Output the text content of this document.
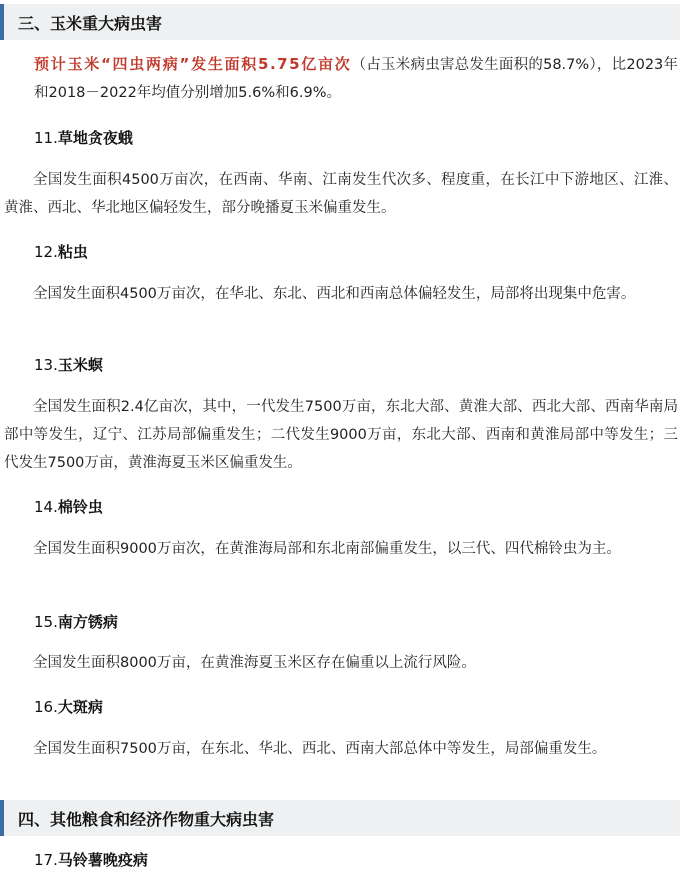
三、玉米重大病虫害
预计玉米“四虫两病”发生面积5.75亿亩次（占玉米病虫害总发生面积的58.7%），比2023年和2018－2022年均值分别增加5.6%和6.9%。
11.草地贪夜蛾
全国发生面积4500万亩次，在西南、华南、江南发生代次多、程度重，在长江中下游地区、江淮、黄淮、西北、华北地区偏轻发生，部分晚播夏玉米偏重发生。
12.粘虫
全国发生面积4500万亩次，在华北、东北、西北和西南总体偏轻发生，局部将出现集中危害。
13.玉米螟
全国发生面积2.4亿亩次，其中，一代发生7500万亩，东北大部、黄淮大部、西北大部、西南华南局部中等发生，辽宁、江苏局部偏重发生；二代发生9000万亩，东北大部、西南和黄淮局部中等发生；三代发生7500万亩，黄淮海夏玉米区偏重发生。
14.棉铃虫
全国发生面积9000万亩次，在黄淮海局部和东北南部偏重发生，以三代、四代棉铃虫为主。
15.南方锈病
全国发生面积8000万亩，在黄淮海夏玉米区存在偏重以上流行风险。
16.大斑病
全国发生面积7500万亩，在东北、华北、西北、西南大部总体中等发生，局部偏重发生。
四、其他粮食和经济作物重大病虫害
17.马铃薯晚疫病
